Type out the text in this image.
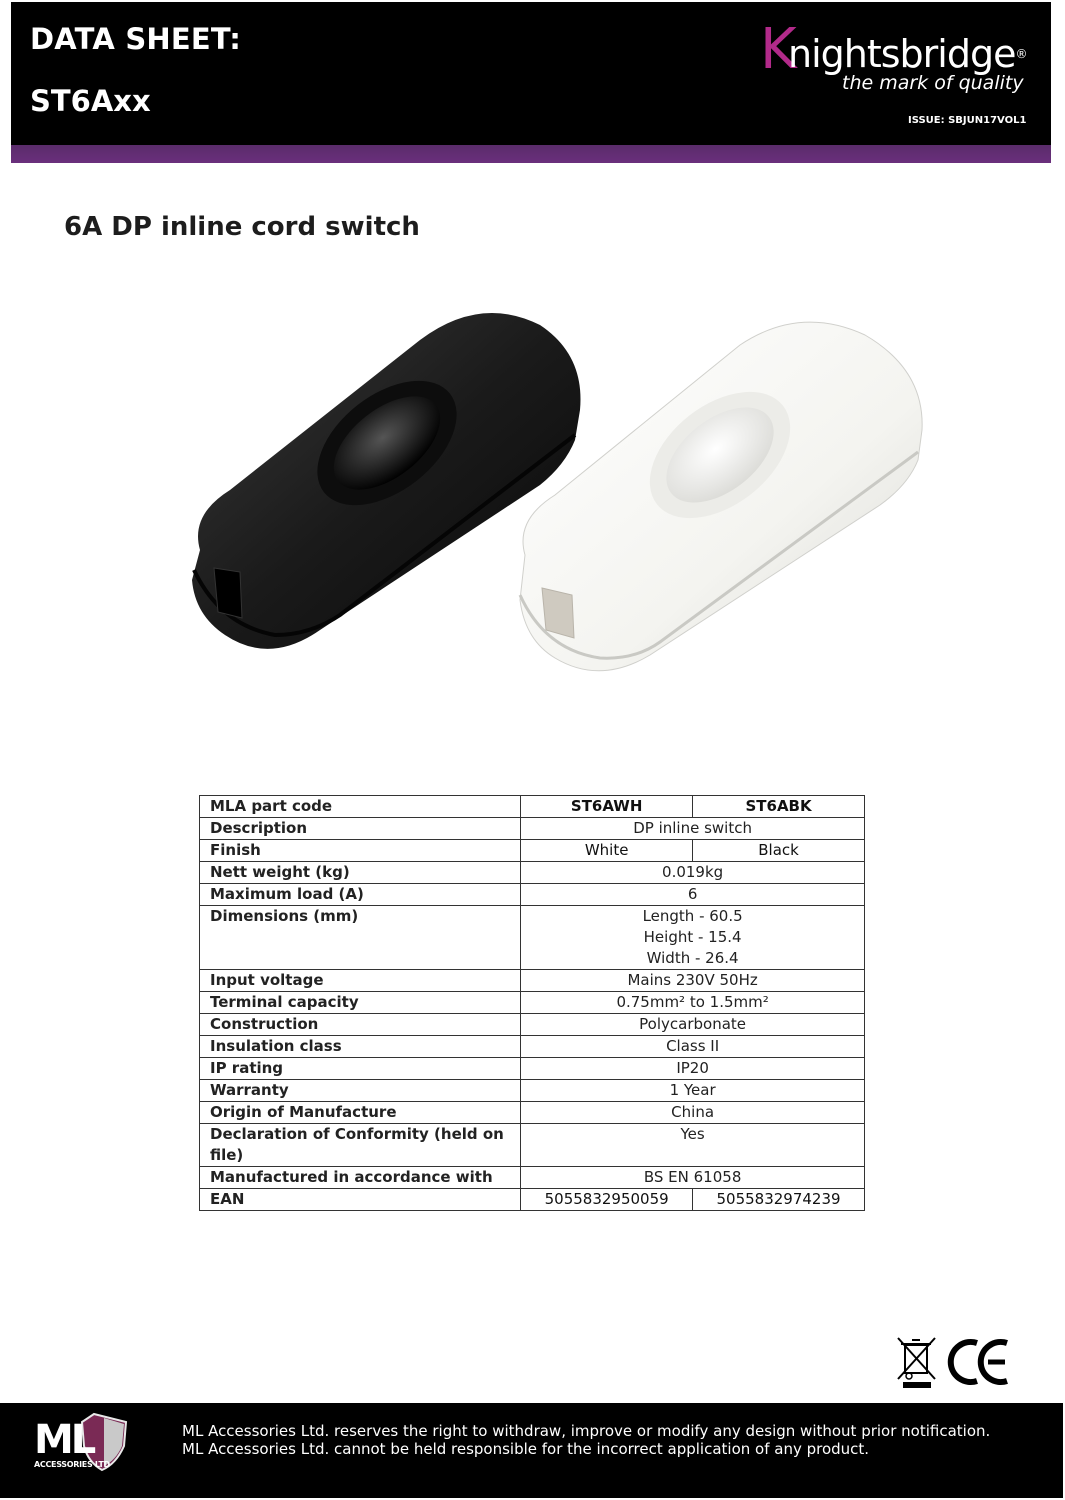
DATA SHEET:
ST6Axx
K
nightsbridge®
the mark of quality
ISSUE: SBJUN17VOL1
6A DP inline cord switch
MLA part code	ST6AWH	ST6ABK
Description	DP inline switch	
Finish	White	Black
Nett weight (kg)	0.019kg	
Maximum load (A)	6	
Dimensions (mm)	Length - 60.5
Height - 15.4
Width - 26.4	

Input voltage	Mains 230V 50Hz	
Terminal capacity	0.75mm² to 1.5mm²	
Construction	Polycarbonate	
Insulation class	Class II	
IP rating	IP20	
Warranty	1 Year	
Origin of Manufacture	China	
Declaration of Conformity (held on file)	Yes	
Manufactured in accordance with	BS EN 61058	
EAN	5055832950059	5055832974239
ML
ACCESSORIES LTD
ML Accessories Ltd. reserves the right to withdraw, improve or modify any design without prior notification.
ML Accessories Ltd. cannot be held responsible for the incorrect application of any product.
